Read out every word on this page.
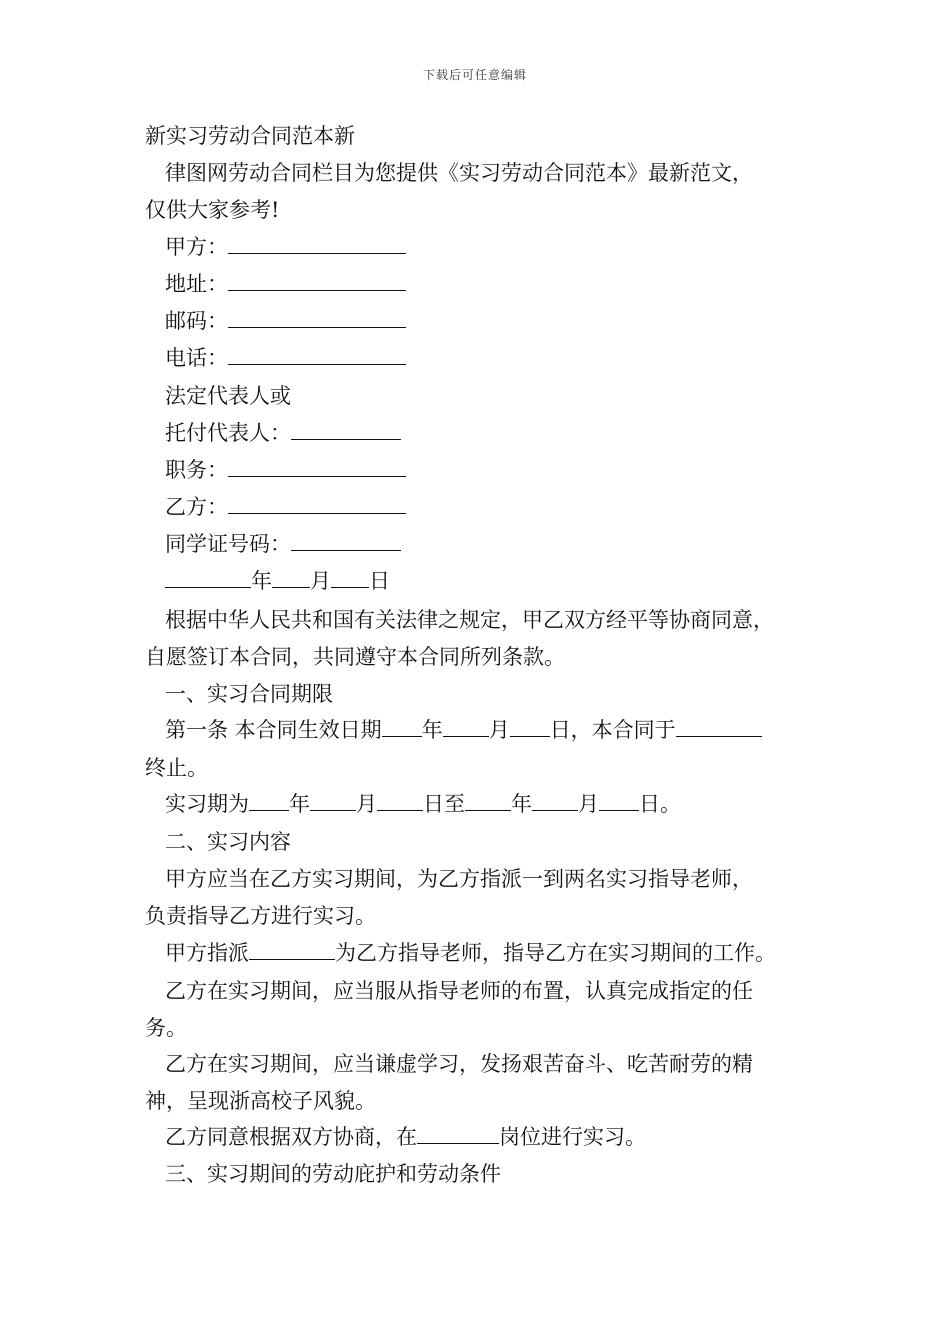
下载后可任意编辑
新实习劳动合同范本新
律图网劳动合同栏目为您提供《实习劳动合同范本》最新范文，
仅供大家参考!
甲方：
地址：
邮码：
电话：
法定代表人或
托付代表人：
职务：
乙方：
同学证号码：
年 月 日
根据中华人民共和国有关法律之规定，甲乙双方经平等协商同意，
自愿签订本合同，共同遵守本合同所列条款。
一、实习合同期限
第一条 本合同生效日期 年 月 日，本合同于
终止。
实习期为 年 月 日至 年 月 日。
二、实习内容
甲方应当在乙方实习期间，为乙方指派一到两名实习指导老师，
负责指导乙方进行实习。
甲方指派	为乙方指导老师，指导乙方在实习期间的工作。
乙方在实习期间，应当服从指导老师的布置，认真完成指定的任
务。
乙方在实习期间，应当谦虚学习，发扬艰苦奋斗、吃苦耐劳的精
神，呈现浙高校子风貌。
乙方同意根据双方协商，在	岗位进行实习。
三、实习期间的劳动庇护和劳动条件
